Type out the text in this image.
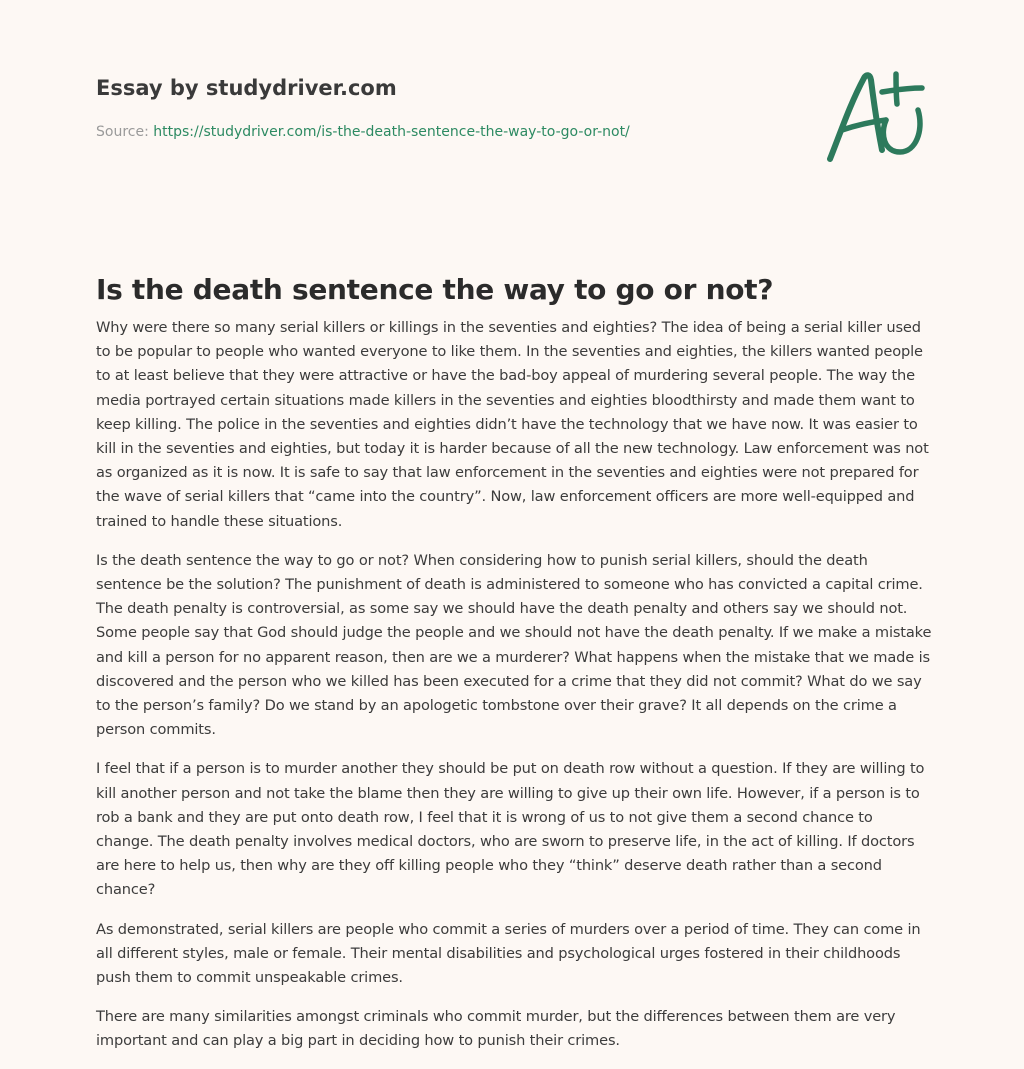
Essay by studydriver.com
Source: https://studydriver.com/is-the-death-sentence-the-way-to-go-or-not/
Is the death sentence the way to go or not?

Why were there so many serial killers or killings in the seventies and eighties? The idea of being a serial killer used to be popular to people who wanted everyone to like them. In the seventies and eighties, the killers wanted people to at least believe that they were attractive or have the bad-boy appeal of murdering several people. The way the media portrayed certain situations made killers in the seventies and eighties bloodthirsty and made them want to keep killing. The police in the seventies and eighties didn’t have the technology that we have now. It was easier to kill in the seventies and eighties, but today it is harder because of all the new technology. Law enforcement was not as organized as it is now. It is safe to say that law enforcement in the seventies and eighties were not prepared for the wave of serial killers that “came into the country”. Now, law enforcement officers are more well-equipped and trained to handle these situations.

Is the death sentence the way to go or not? When considering how to punish serial killers, should the death sentence be the solution? The punishment of death is administered to someone who has convicted a capital crime. The death penalty is controversial, as some say we should have the death penalty and others say we should not. Some people say that God should judge the people and we should not have the death penalty. If we make a mistake and kill a person for no apparent reason, then are we a murderer? What happens when the mistake that we made is discovered and the person who we killed has been executed for a crime that they did not commit? What do we say to the person’s family? Do we stand by an apologetic tombstone over their grave? It all depends on the crime a person commits.

I feel that if a person is to murder another they should be put on death row without a question. If they are willing to kill another person and not take the blame then they are willing to give up their own life. However, if a person is to rob a bank and they are put onto death row, I feel that it is wrong of us to not give them a second chance to change. The death penalty involves medical doctors, who are sworn to preserve life, in the act of killing. If doctors are here to help us, then why are they off killing people who they “think” deserve death rather than a second chance?

As demonstrated, serial killers are people who commit a series of murders over a period of time. They can come in all different styles, male or female. Their mental disabilities and psychological urges fostered in their childhoods push them to commit unspeakable crimes.

There are many similarities amongst criminals who commit murder, but the differences between them are very important and can play a big part in deciding how to punish their crimes.
